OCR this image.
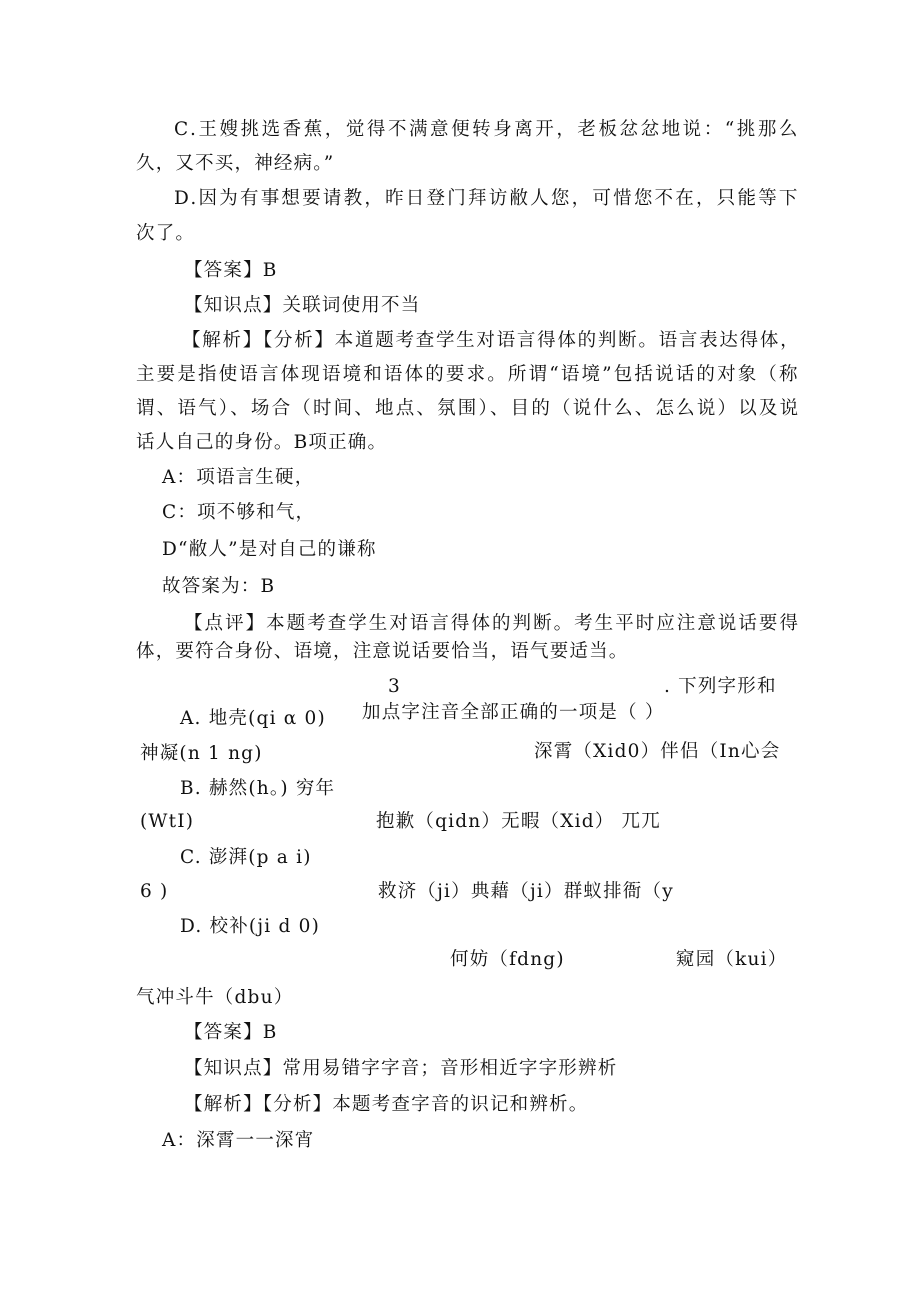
C.王嫂挑选香蕉，觉得不满意便转身离开，老板忿忿地说：“挑那么
久，又不买，神经病。”
D.因为有事想要请教，昨日登门拜访敝人您，可惜您不在，只能等下
次了。
【答案】B
【知识点】关联词使用不当
【解析】【分析】本道题考查学生对语言得体的判断。语言表达得体，
主要是指使语言体现语境和语体的要求。所谓“语境”包括说话的对象（称
谓、语气）、场合（时间、地点、氛围）、目的（说什么、怎么说）以及说
话人自己的身份。B项正确。
A：项语言生硬，
C：项不够和气，
D“敝人”是对自己的谦称
故答案为：B
【点评】本题考查学生对语言得体的判断。考生平时应注意说话要得
体，要符合身份、语境，注意说话要恰当，语气要适当。
3	. 下列字形和
A. 地壳(qi α 0) 加点字注音全部正确的一项是（ ）
神凝(n 1 ng)	深霄（Xid0）伴侣（In心会
B. 赫然(h。) 穷年
(WtI)	抱歉（qidn）无暇（Xid） 兀兀
C. 澎湃(p a i)
6 )	救济（ji）典藉（ji）群蚁排衙（y
D. 校补(ji d 0)
何妨（fdng)	窥园（kui）
气冲斗牛（dbu）
【答案】B
【知识点】常用易错字字音；音形相近字字形辨析
【解析】【分析】本题考查字音的识记和辨析。
A：深霄一一深宵
